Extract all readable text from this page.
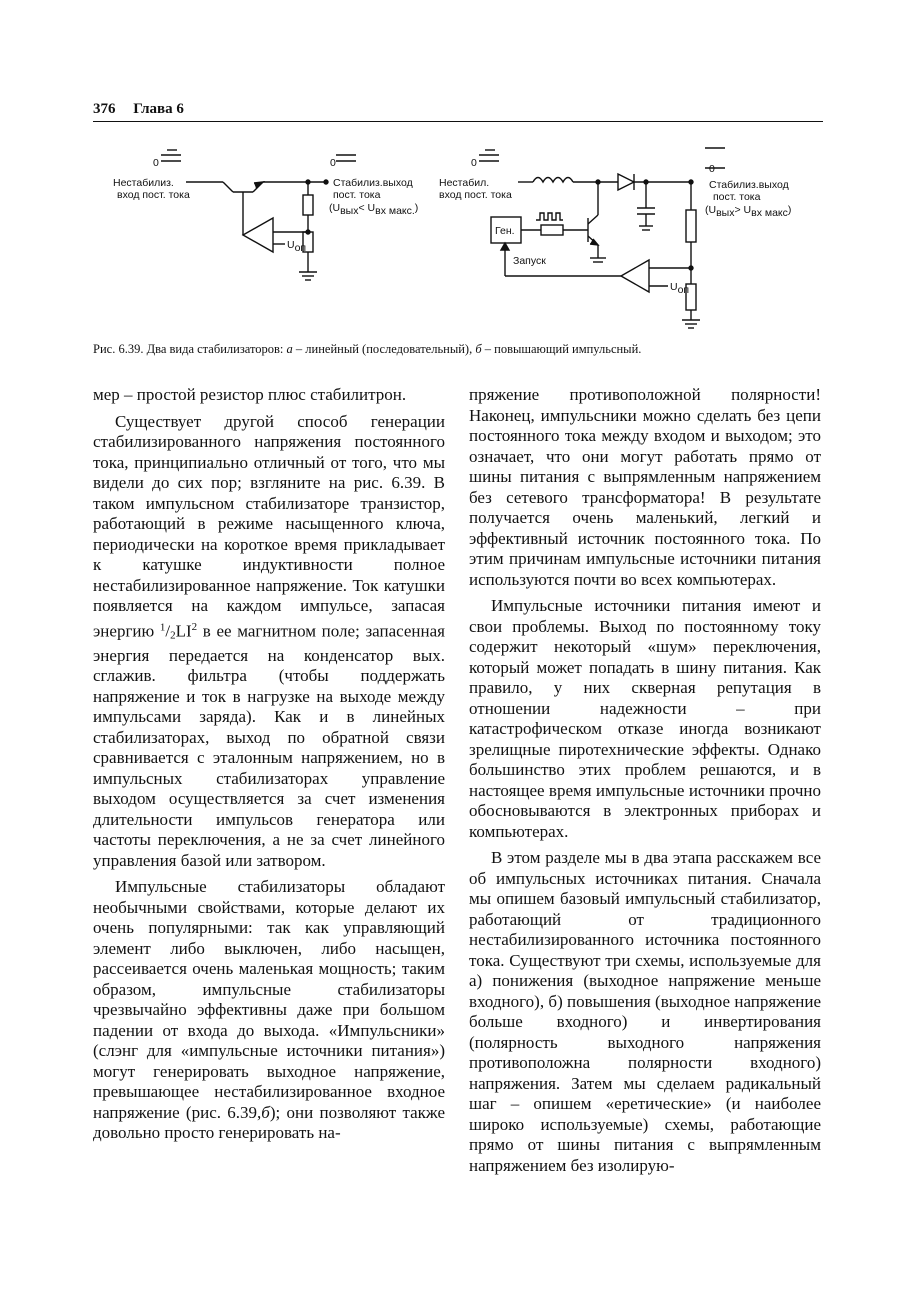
376 Глава 6
0
Нестабилиз.
вход пост. тока
0
Стабилиз.выход
пост. тока
(Uвых< Uвх макс.)
Uоп
0
Нестабил.
вход пост. тока
Ген.
Запуск
0
Стабилиз.выход
пост. тока
(Uвых> Uвх макс)
Uоп
Рис. 6.39. Два вида стабилизаторов: а – линейный (последовательный), б – повышающий импульсный.

мер – простой резистор плюс стабилитрон.

Существует другой способ генерации стабилизированного напряжения постоянного тока, принципиально отличный от того, что мы видели до сих пор; взгляните на рис. 6.39. В таком импульсном стабилизаторе транзистор, работающий в режиме насыщенного ключа, периодически на короткое время прикладывает к катушке индуктивности полное нестабилизированное напряжение. Ток катушки появляется на каждом импульсе, запасая энергию $^1/2LI^2$ в ее магнитном поле; запасенная энергия передается на конденсатор вых. сглажив. фильтра (чтобы поддержать напряжение и ток в нагрузке на выходе между импульсами заряда). Как и в линейных стабилизаторах, выход по обратной связи сравнивается с эталонным напряжением, но в импульсных стабилизаторах управление выходом осуществляется за счет изменения длительности импульсов генератора или частоты переключения, а не за счет линейного управления базой или затвором.

Импульсные стабилизаторы обладают необычными свойствами, которые делают их очень популярными: так как управляющий элемент либо выключен, либо насыщен, рассеивается очень маленькая мощность; таким образом, импульсные стабилизаторы чрезвычайно эффективны даже при большом падении от входа до выхода. «Импульсники» (слэнг для «импульсные источники питания») могут генерировать выходное напряжение, превышающее нестабилизированное входное напряжение (рис. 6.39,б); они позволяют также довольно просто генерировать на-

пряжение противоположной полярности! Наконец, импульсники можно сделать без цепи постоянного тока между входом и выходом; это означает, что они могут работать прямо от шины питания с выпрямленным напряжением без сетевого трансформатора! В результате получается очень маленький, легкий и эффективный источник постоянного тока. По этим причинам импульсные источники питания используются почти во всех компьютерах.

Импульсные источники питания имеют и свои проблемы. Выход по постоянному току содержит некоторый «шум» переключения, который может попадать в шину питания. Как правило, у них скверная репутация в отношении надежности – при катастрофическом отказе иногда возникают зрелищные пиротехнические эффекты. Однако большинство этих проблем решаются, и в настоящее время импульсные источники прочно обосновываются в электронных приборах и компьютерах.

В этом разделе мы в два этапа расскажем все об импульсных источниках питания. Сначала мы опишем базовый импульсный стабилизатор, работающий от традиционного нестабилизированного источника постоянного тока. Существуют три схемы, используемые для а) понижения (выходное напряжение меньше входного), б) повышения (выходное напряжение больше входного) и инвертирования (полярность выходного напряжения противоположна полярности входного) напряжения. Затем мы сделаем радикальный шаг – опишем «еретические» (и наиболее широко используемые) схемы, работающие прямо от шины питания с выпрямленным напряжением без изолирую-
